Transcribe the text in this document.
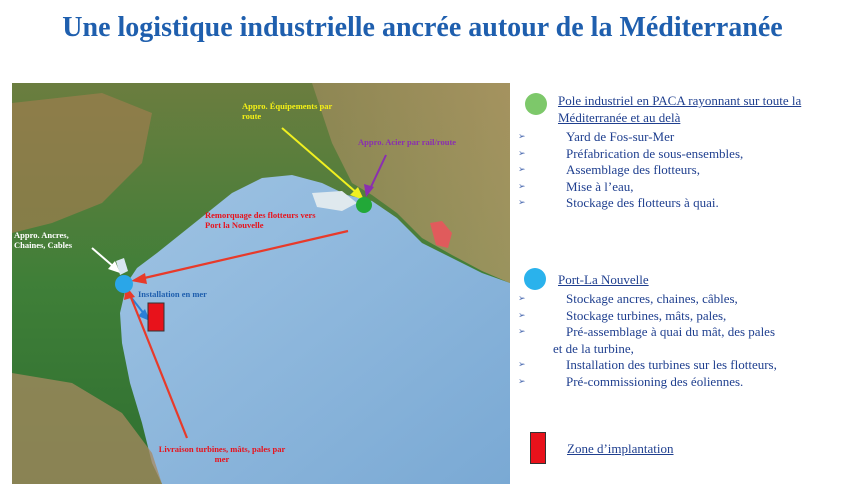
Une logistique industrielle ancrée autour de la Méditerranée
Appro. Équipements par route
Appro. Acier par rail/route
Remorquage des flotteurs vers Port la Nouvelle
Appro. Ancres, Chaines, Cables
Installation en mer
Livraison turbines, mâts, pales par mer
Pole industriel en PACA rayonnant sur toute la Méditerranée et au delà
➢	Yard de Fos-sur-Mer
➢	Préfabrication de sous-ensembles,
➢	Assemblage des flotteurs,
➢	Mise à l’eau,
➢	Stockage des flotteurs à quai.
Port-La Nouvelle
➢	Stockage ancres, chaines, câbles,
➢	Stockage turbines, mâts, pales,
➢	Pré-assemblage à quai du mât, des pales
et de la turbine,
➢	Installation des turbines sur les flotteurs,
➢	Pré-commissioning des éoliennes.
Zone d’implantation
